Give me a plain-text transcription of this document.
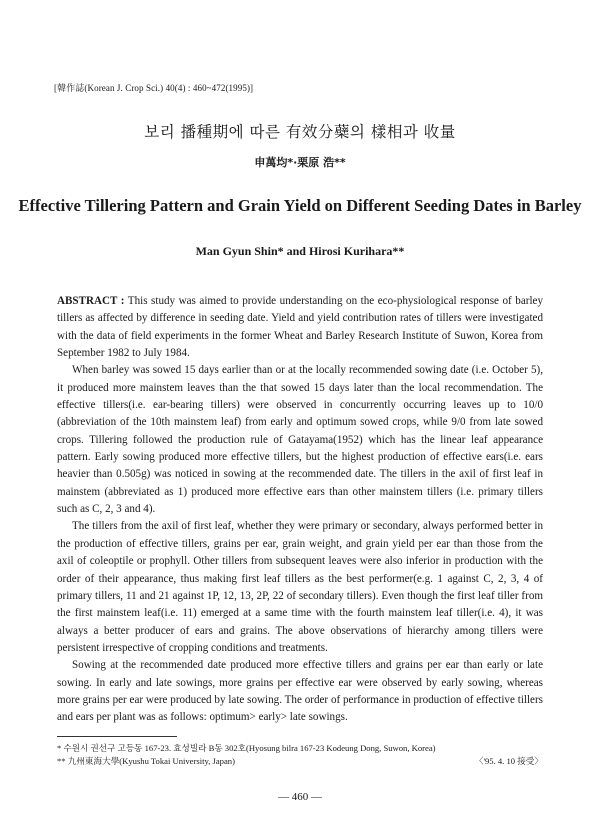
[韓作誌(Korean J. Crop Sci.) 40(4) : 460~472(1995)]
보리 播種期에 따른 有效分蘗의 樣相과 收量
申萬均*·栗原 浩**
Effective Tillering Pattern and Grain Yield on Different Seeding Dates in Barley
Man Gyun Shin* and Hirosi Kurihara**

ABSTRACT : This study was aimed to provide understanding on the eco-physiological response of barley tillers as affected by difference in seeding date. Yield and yield contribution rates of tillers were investigated with the data of field experiments in the former Wheat and Barley Research Institute of Suwon, Korea from September 1982 to July 1984.

When barley was sowed 15 days earlier than or at the locally recommended sowing date (i.e. October 5), it produced more mainstem leaves than the that sowed 15 days later than the local recommendation. The effective tillers(i.e. ear-bearing tillers) were observed in concurrently occurring leaves up to 10/0 (abbreviation of the 10th mainstem leaf) from early and optimum sowed crops, while 9/0 from late sowed crops. Tillering followed the production rule of Gatayama(1952) which has the linear leaf appearance pattern. Early sowing produced more effective tillers, but the highest production of effective ears(i.e. ears heavier than 0.505g) was noticed in sowing at the recommended date. The tillers in the axil of first leaf in mainstem (abbreviated as 1) produced more effective ears than other mainstem tillers (i.e. primary tillers such as C, 2, 3 and 4).

The tillers from the axil of first leaf, whether they were primary or secondary, always performed better in the production of effective tillers, grains per ear, grain weight, and grain yield per ear than those from the axil of coleoptile or prophyll. Other tillers from subsequent leaves were also inferior in production with the order of their appearance, thus making first leaf tillers as the best performer(e.g. 1 against C, 2, 3, 4 of primary tillers, 11 and 21 against 1P, 12, 13, 2P, 22 of secondary tillers). Even though the first leaf tiller from the first mainstem leaf(i.e. 11) emerged at a same time with the fourth mainstem leaf tiller(i.e. 4), it was always a better producer of ears and grains. The above observations of hierarchy among tillers were persistent irrespective of cropping conditions and treatments.

Sowing at the recommended date produced more effective tillers and grains per ear than early or late sowing. In early and late sowings, more grains per effective ear were observed by early sowing, whereas more grains per ear were produced by late sowing. The order of performance in production of effective tillers and ears per plant was as follows: optimum> early> late sowings.

* 수원시 권선구 고등동 167-23. 효성빌라 B동 302호(Hyosung bilra 167-23 Kodeung Dong, Suwon, Korea)
** 九州東海大學(Kyushu Tokai University, Japan)	〈'95. 4. 10 接受〉
— 460 —
